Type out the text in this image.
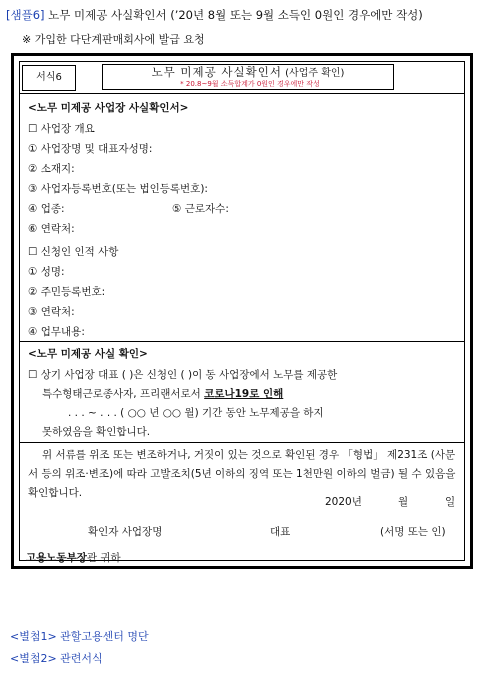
[샘플6] 노무 미제공 사실확인서 (’20년 8월 또는 9월 소득인 0원인 경우에만 작성)
※ 가입한 다단계판매회사에 발급 요청
서식6	노무 미제공 사실확인서 (사업주 확인)
* 20.8~9월 소득합계가 0원인 경우에만 작성
<노무 미제공 사업장 사실확인서>
☐ 사업장 개요
① 사업장명 및 대표자성명:
② 소재지:
③ 사업자등록번호(또는 법인등록번호):
④ 업종:	⑤ 근로자수:
⑥ 연락처:
☐ 신청인 인적 사항
① 성명:
② 주민등록번호:
③ 연락처:
④ 업무내용:
<노무 미제공 사실 확인>
☐ 상기 사업장 대표 ( )은 신청인 ( )이 동 사업장에서 노무를 제공한
특수형태근로종사자, 프리랜서로서 코로나19로 인해
. . . ~ . . . ( ○○ 년 ○○ 월) 기간 동안 노무제공을 하지
못하였음을 확인합니다.
위 서류를 위조 또는 변조하거나, 거짓이 있는 것으로 확인된 경우 「형법」 제231조 (사문서 등의 위조·변조)에 따라 고발조치(5년 이하의 징역 또는 1천만원 이하의 벌금) 될 수 있음을 확인합니다.
2020년	월	일
확인자 사업장명	대표	(서명 또는 인)
고용노동부장관 귀하
<별첨1> 관할고용센터 명단
<별첨2> 관련서식
